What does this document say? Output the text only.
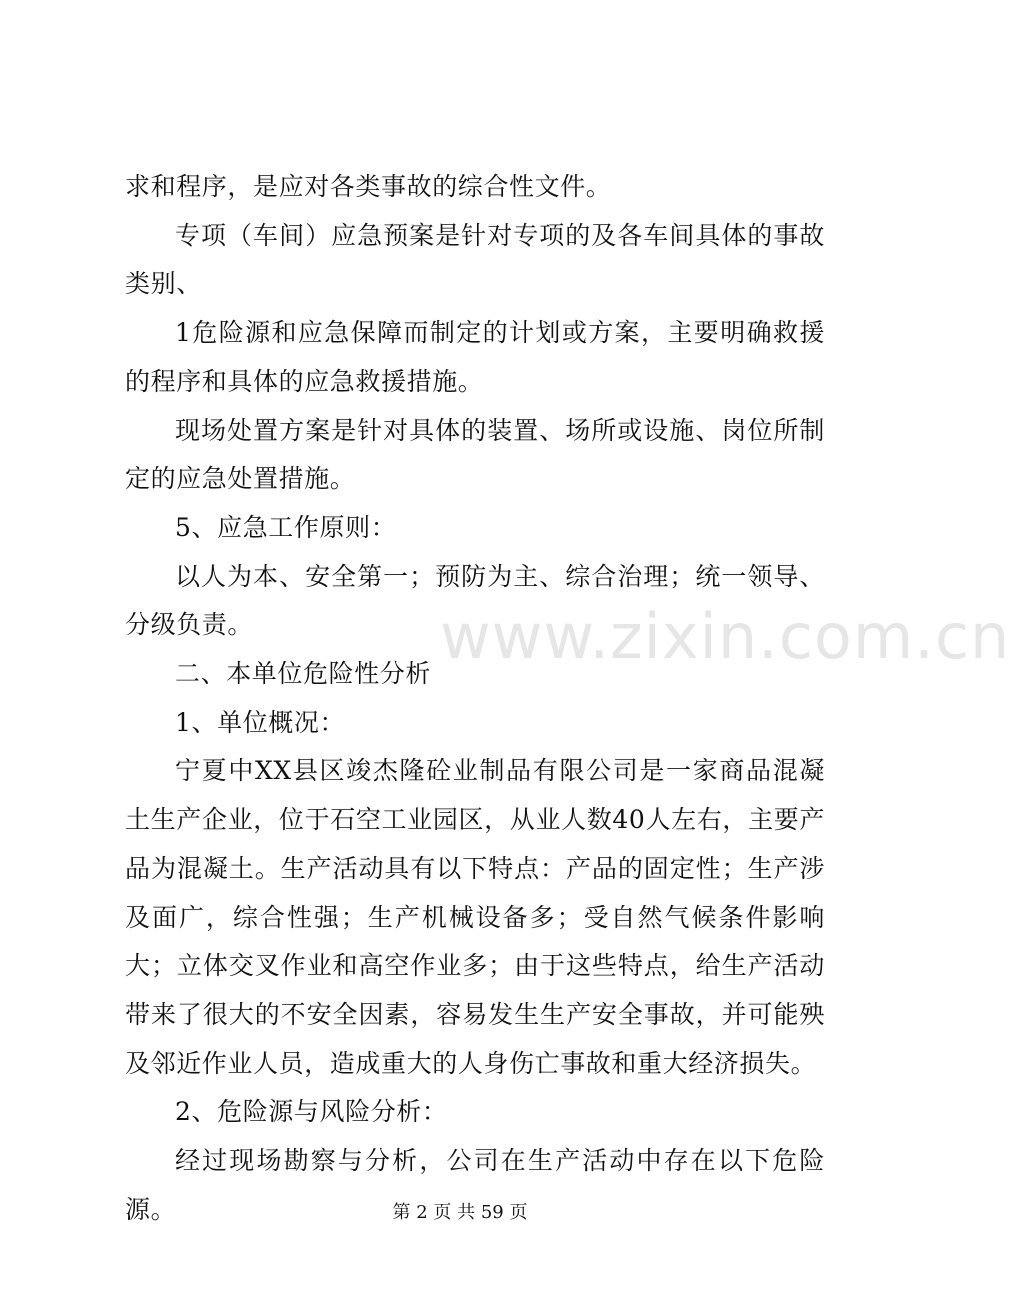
求和程序，是应对各类事故的综合性文件。

专项（车间）应急预案是针对专项的及各车间具体的事故类别、

1危险源和应急保障而制定的计划或方案，主要明确救援的程序和具体的应急救援措施。

现场处置方案是针对具体的装置、场所或设施、岗位所制定的应急处置措施。

5、应急工作原则：

以人为本、安全第一；预防为主、综合治理；统一领导、分级负责。

二、本单位危险性分析

1、单位概况：

宁夏中XX县区竣杰隆砼业制品有限公司是一家商品混凝土生产企业，位于石空工业园区，从业人数40人左右，主要产品为混凝土。生产活动具有以下特点：产品的固定性；生产涉及面广，综合性强；生产机械设备多；受自然气候条件影响大；立体交叉作业和高空作业多；由于这些特点，给生产活动带来了很大的不安全因素，容易发生生产安全事故，并可能殃及邻近作业人员，造成重大的人身伤亡事故和重大经济损失。

2、危险源与风险分析：

经过现场勘察与分析，公司在生产活动中存在以下危险源。

www.zixin.com.cn
第 2 页 共 59 页
